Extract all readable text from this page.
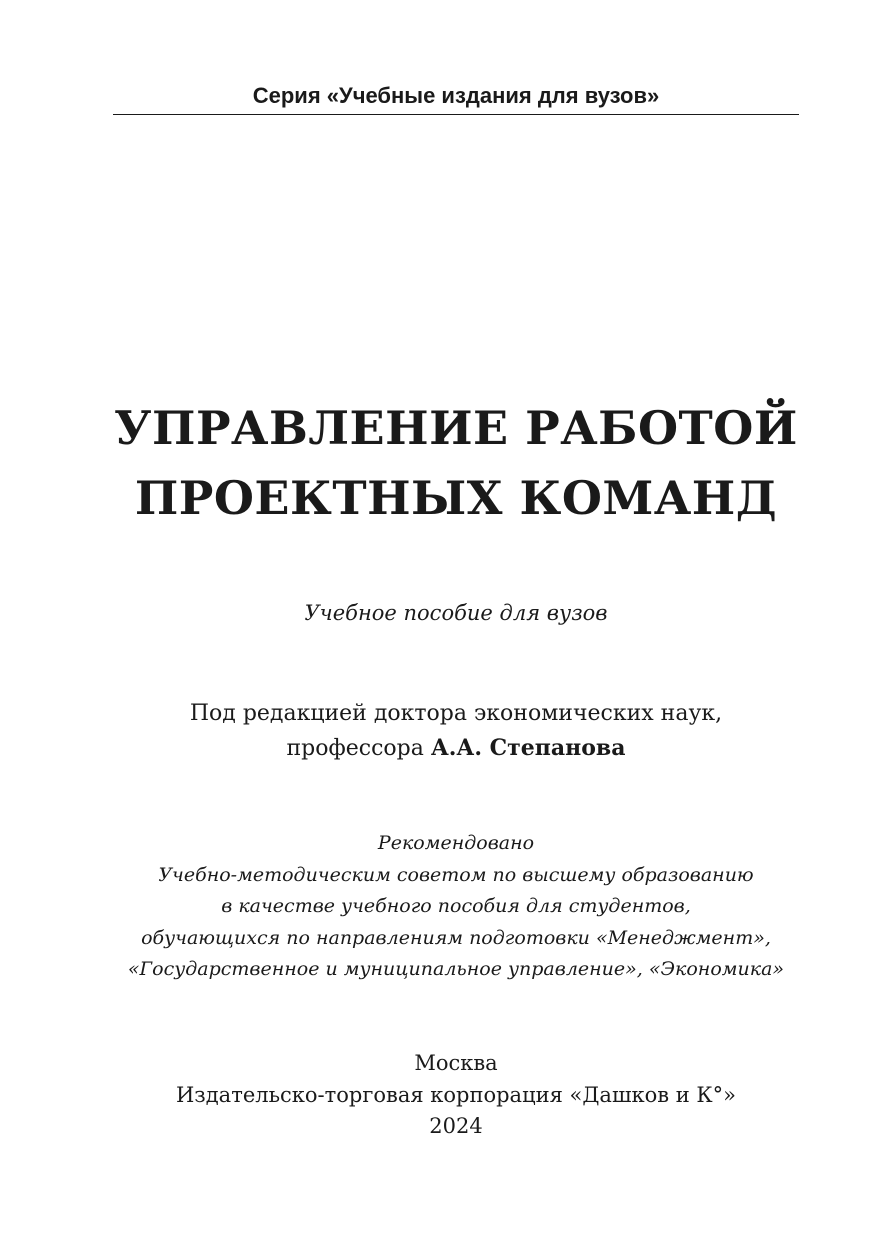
Серия «Учебные издания для вузов»
УПРАВЛЕНИЕ РАБОТОЙ
ПРОЕКТНЫХ КОМАНД
Учебное пособие для вузов
Под редакцией доктора экономических наук,
профессора А.А. Степанова
Рекомендовано
Учебно-методическим советом по высшему образованию
в качестве учебного пособия для студентов,
обучающихся по направлениям подготовки «Менеджмент»,
«Государственное и муниципальное управление», «Экономика»
Москва
Издательско-торговая корпорация «Дашков и К°»
2024
